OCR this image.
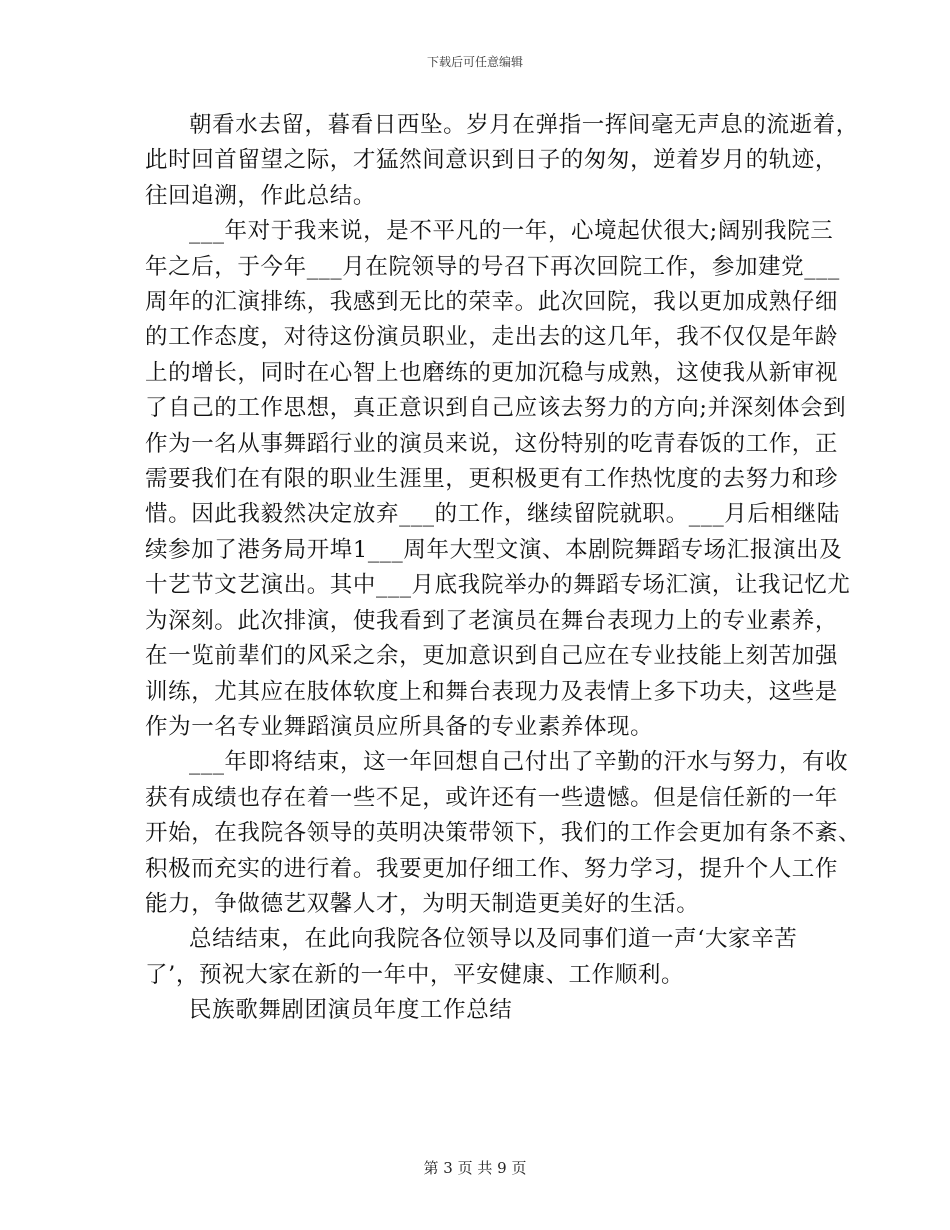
下载后可任意编辑
朝看水去留，暮看日西坠。岁月在弹指一挥间毫无声息的流逝着，
此时回首留望之际，才猛然间意识到日子的匆匆，逆着岁月的轨迹，
往回追溯，作此总结。
___年对于我来说，是不平凡的一年，心境起伏很大;阔别我院三
年之后，于今年___月在院领导的号召下再次回院工作，参加建党___
周年的汇演排练，我感到无比的荣幸。此次回院，我以更加成熟仔细
的工作态度，对待这份演员职业，走出去的这几年，我不仅仅是年龄
上的增长，同时在心智上也磨练的更加沉稳与成熟，这使我从新审视
了自己的工作思想，真正意识到自己应该去努力的方向;并深刻体会到
作为一名从事舞蹈行业的演员来说，这份特别的吃青春饭的工作，正
需要我们在有限的职业生涯里，更积极更有工作热忱度的去努力和珍
惜。因此我毅然决定放弃___的工作，继续留院就职。___月后相继陆
续参加了港务局开埠1___周年大型文演、本剧院舞蹈专场汇报演出及
十艺节文艺演出。其中___月底我院举办的舞蹈专场汇演，让我记忆尤
为深刻。此次排演，使我看到了老演员在舞台表现力上的专业素养，
在一览前辈们的风采之余，更加意识到自己应在专业技能上刻苦加强
训练，尤其应在肢体软度上和舞台表现力及表情上多下功夫，这些是
作为一名专业舞蹈演员应所具备的专业素养体现。
___年即将结束，这一年回想自己付出了辛勤的汗水与努力，有收
获有成绩也存在着一些不足，或许还有一些遗憾。但是信任新的一年
开始，在我院各领导的英明决策带领下，我们的工作会更加有条不紊、
积极而充实的进行着。我要更加仔细工作、努力学习，提升个人工作
能力，争做德艺双馨人才，为明天制造更美好的生活。
总结结束，在此向我院各位领导以及同事们道一声‘大家辛苦
了’，预祝大家在新的一年中，平安健康、工作顺利。
民族歌舞剧团演员年度工作总结
第 3 页 共 9 页
